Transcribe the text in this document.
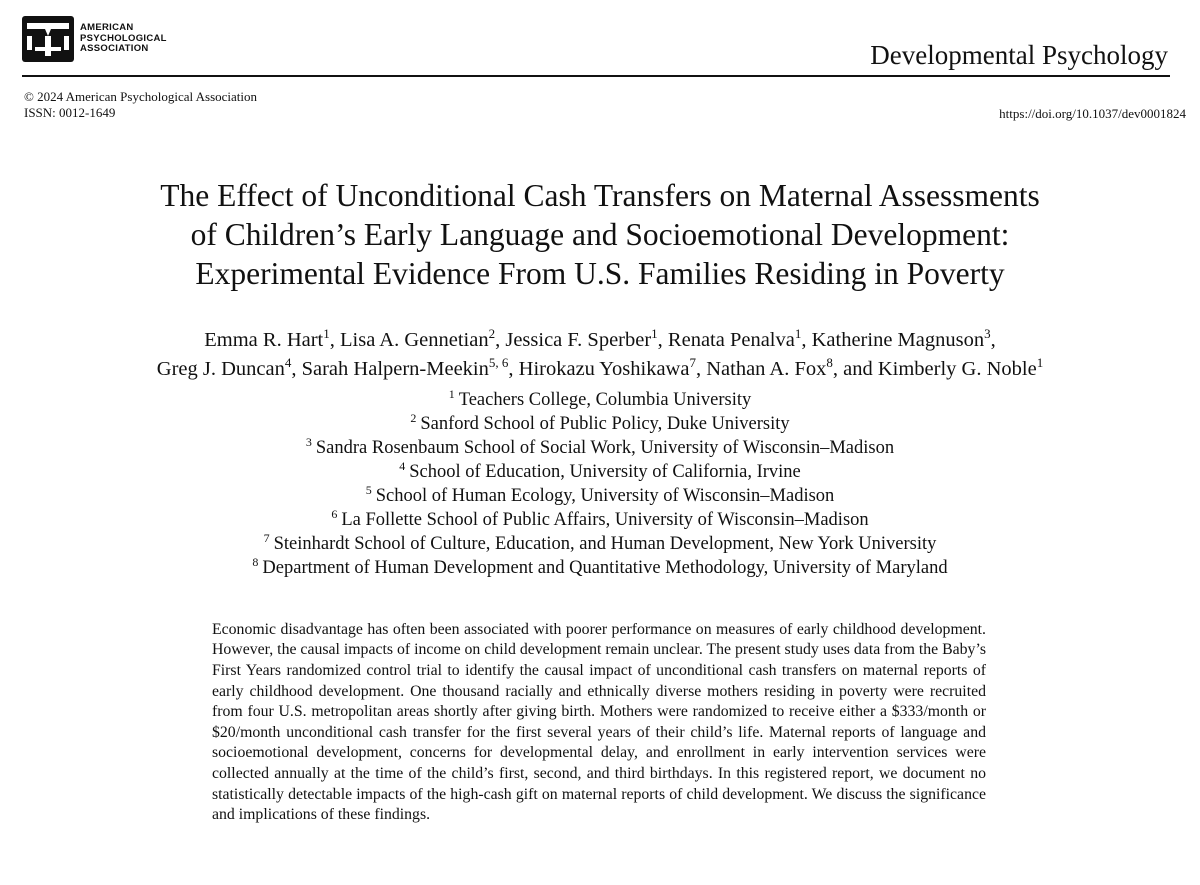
AMERICAN
PSYCHOLOGICAL
ASSOCIATION	Developmental Psychology
© 2024 American Psychological Association
ISSN: 0012-1649	https://doi.org/10.1037/dev0001824
The Effect of Unconditional Cash Transfers on Maternal Assessments
of Children’s Early Language and Socioemotional Development:
Experimental Evidence From U.S. Families Residing in Poverty
Emma R. Hart$^1$, Lisa A. Gennetian$^2$, Jessica F. Sperber$^1$, Renata Penalva$^1$, Katherine Magnuson$^3$,
Greg J. Duncan$^4$, Sarah Halpern-Meekin$^{5, 6}$, Hirokazu Yoshikawa$^7$, Nathan A. Fox$^8$, and Kimberly G. Noble$^1$
$^1$ Teachers College, Columbia University
$^2$ Sanford School of Public Policy, Duke University
$^3$ Sandra Rosenbaum School of Social Work, University of Wisconsin–Madison
$^4$ School of Education, University of California, Irvine
$^5$ School of Human Ecology, University of Wisconsin–Madison
$^6$ La Follette School of Public Affairs, University of Wisconsin–Madison
$^7$ Steinhardt School of Culture, Education, and Human Development, New York University
$^8$ Department of Human Development and Quantitative Methodology, University of Maryland

Economic disadvantage has often been associated with poorer performance on measures of early childhood development. However, the causal impacts of income on child development remain unclear. The present study uses data from the Baby’s First Years randomized control trial to identify the causal impact of unconditional cash transfers on maternal reports of early childhood development. One thousand racially and ethnically diverse mothers residing in poverty were recruited from four U.S. metropolitan areas shortly after giving birth. Mothers were randomized to receive either a $333/month or $20/month unconditional cash transfer for the first several years of their child’s life. Maternal reports of language and socioemotional development, concerns for developmental delay, and enrollment in early intervention services were collected annually at the time of the child’s first, second, and third birthdays. In this registered report, we document no statistically detectable impacts of the high-cash gift on maternal reports of child development. We discuss the significance and implications of these findings.
